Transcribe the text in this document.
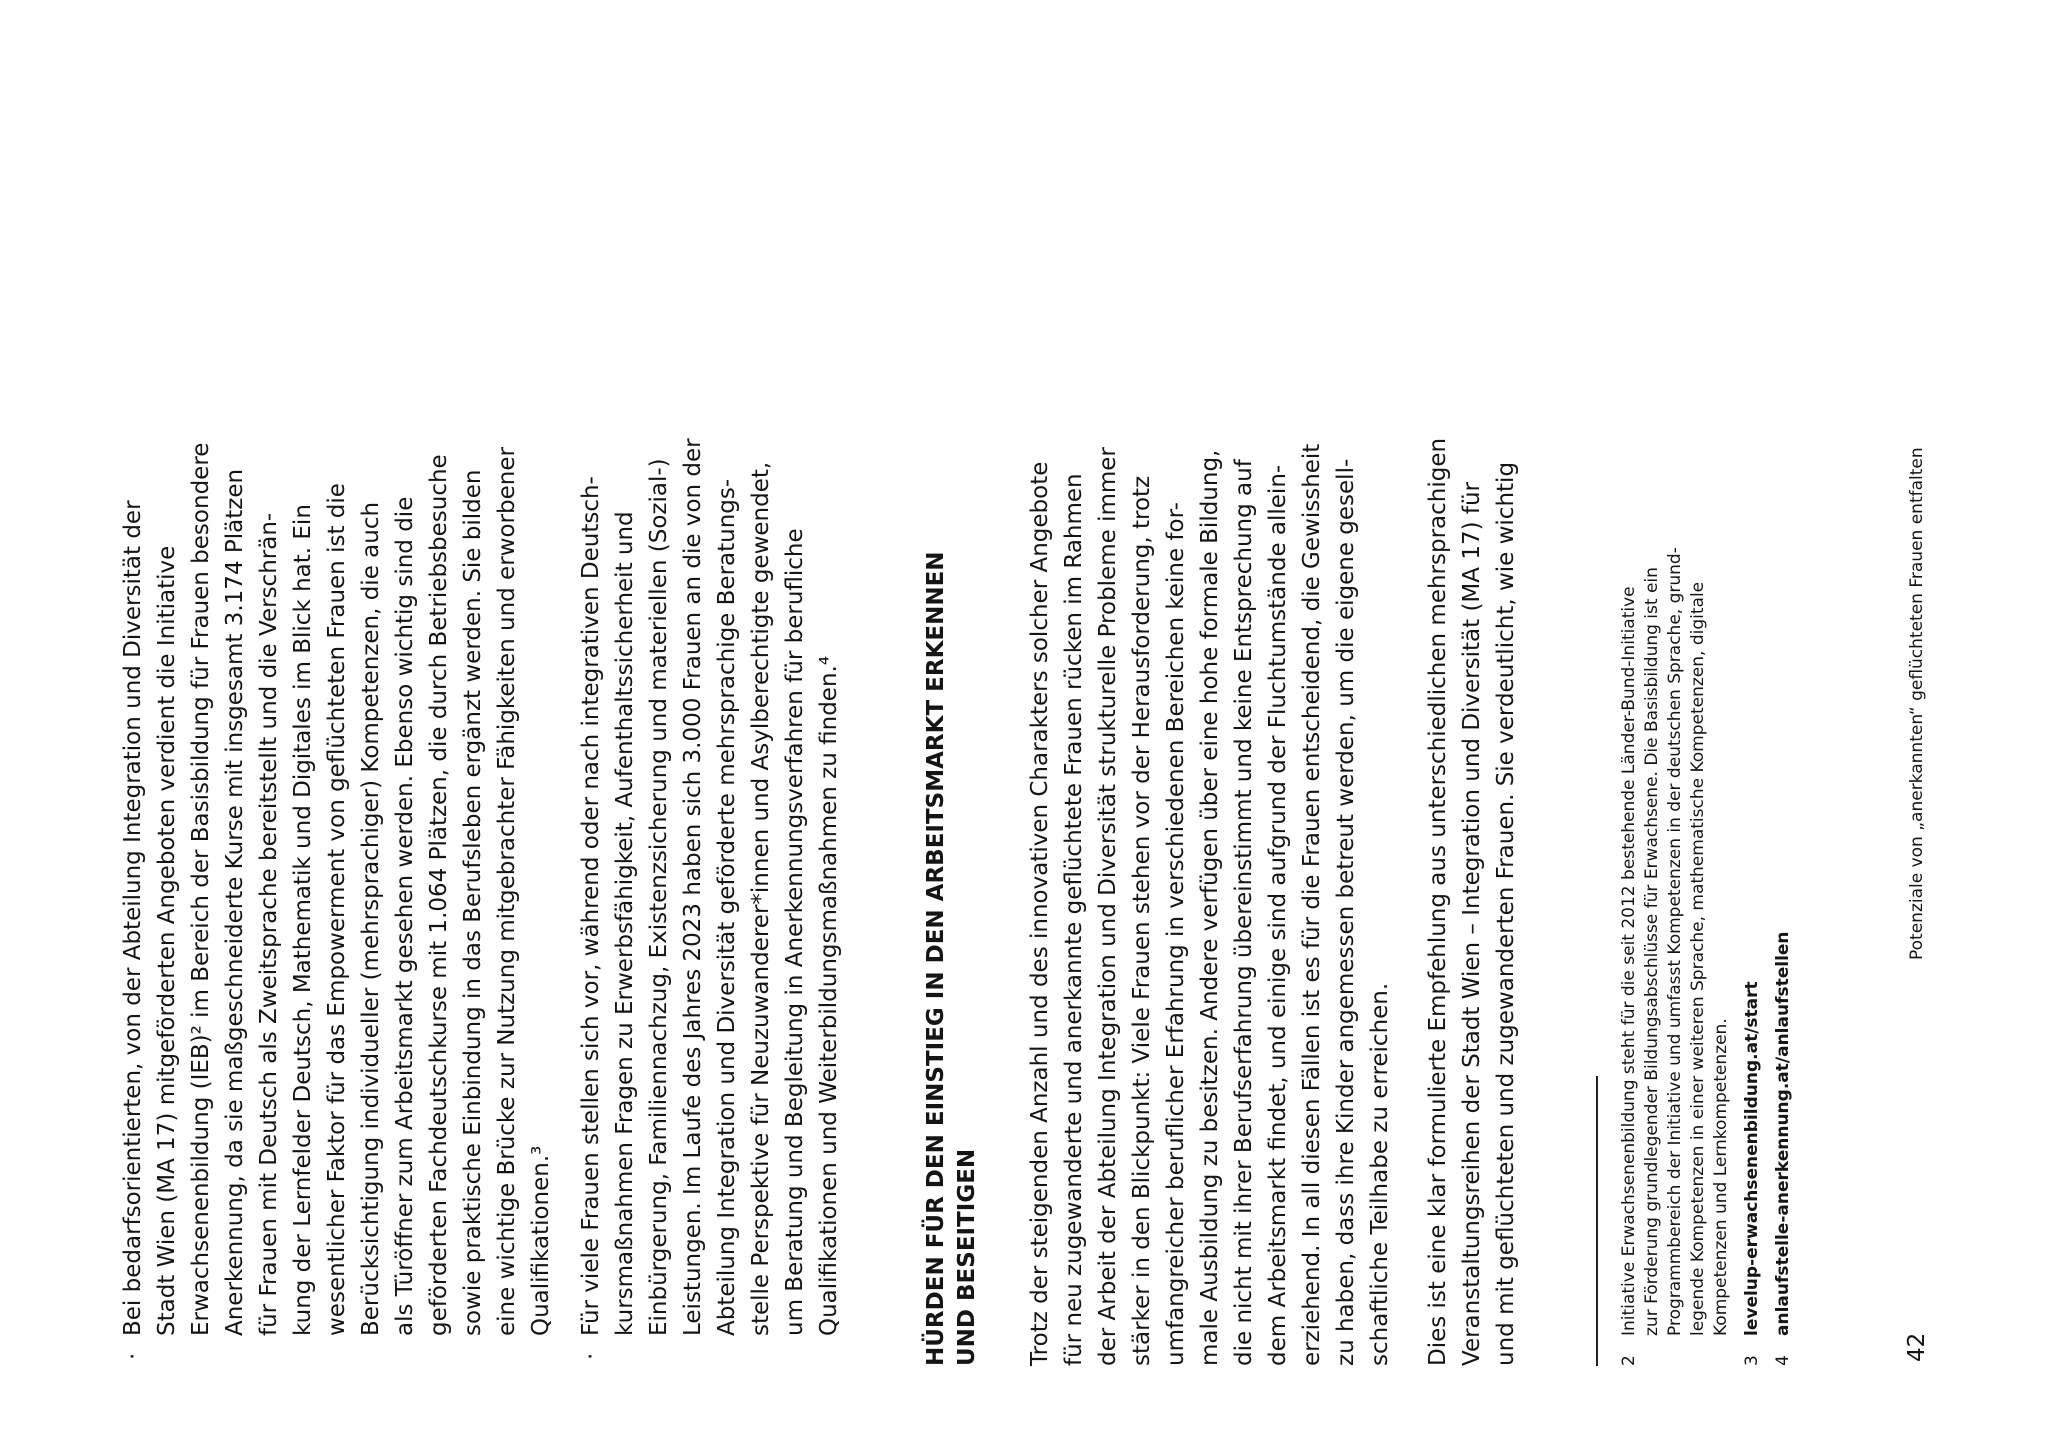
·

Bei bedarfsorientierten, von der Abteilung Integration und Diversität der
Stadt Wien (MA 17) mitgeförderten Angeboten verdient die Initiative
Erwachsenenbildung (IEB)² im Bereich der Basisbildung für Frauen besondere
Anerkennung, da sie maßgeschneiderte Kurse mit insgesamt 3.174 Plätzen
für Frauen mit Deutsch als Zweitsprache bereitstellt und die Verschrän-
kung der Lernfelder Deutsch, Mathematik und Digitales im Blick hat. Ein
wesentlicher Faktor für das Empowerment von geflüchteten Frauen ist die
Berücksichtigung individueller (mehrsprachiger) Kompetenzen, die auch
als Türöffner zum Arbeitsmarkt gesehen werden. Ebenso wichtig sind die
geförderten Fachdeutschkurse mit 1.064 Plätzen, die durch Betriebsbesuche
sowie praktische Einbindung in das Berufsleben ergänzt werden. Sie bilden
eine wichtige Brücke zur Nutzung mitgebrachter Fähigkeiten und erworbener
Qualifikationen.³

·

Für viele Frauen stellen sich vor, während oder nach integrativen Deutsch-
kursmaßnahmen Fragen zu Erwerbsfähigkeit, Aufenthaltssicherheit und
Einbürgerung, Familiennachzug, Existenzsicherung und materiellen (Sozial-)
Leistungen. Im Laufe des Jahres 2023 haben sich 3.000 Frauen an die von der
Abteilung Integration und Diversität geförderte mehrsprachige Beratungs-
stelle Perspektive für Neuzuwanderer*innen und Asylberechtigte gewendet,
um Beratung und Begleitung in Anerkennungsverfahren für berufliche
Qualifikationen und Weiterbildungsmaßnahmen zu finden.⁴

HÜRDEN FÜR DEN EINSTIEG IN DEN ARBEITSMARKT ERKENNEN
UND BESEITIGEN

Trotz der steigenden Anzahl und des innovativen Charakters solcher Angebote
für neu zugewanderte und anerkannte geflüchtete Frauen rücken im Rahmen
der Arbeit der Abteilung Integration und Diversität strukturelle Probleme immer
stärker in den Blickpunkt: Viele Frauen stehen vor der Herausforderung, trotz
umfangreicher beruflicher Erfahrung in verschiedenen Bereichen keine for-
male Ausbildung zu besitzen. Andere verfügen über eine hohe formale Bildung,
die nicht mit ihrer Berufserfahrung übereinstimmt und keine Entsprechung auf
dem Arbeitsmarkt findet, und einige sind aufgrund der Fluchtumstände allein-
erziehend. In all diesen Fällen ist es für die Frauen entscheidend, die Gewissheit
zu haben, dass ihre Kinder angemessen betreut werden, um die eigene gesell-
schaftliche Teilhabe zu erreichen.

Dies ist eine klar formulierte Empfehlung aus unterschiedlichen mehrsprachigen
Veranstaltungsreihen der Stadt Wien – Integration und Diversität (MA 17) für
und mit geflüchteten und zugewanderten Frauen. Sie verdeutlicht, wie wichtig

2
Initiative Erwachsenenbildung steht für die seit 2012 bestehende Länder-Bund-Initiative
zur Förderung grundlegender Bildungsabschlüsse für Erwachsene. Die Basisbildung ist ein
Programmbereich der Initiative und umfasst Kompetenzen in der deutschen Sprache, grund-
legende Kompetenzen in einer weiteren Sprache, mathematische Kompetenzen, digitale
Kompetenzen und Lernkompetenzen.
3
levelup-erwachsenenbildung.at/start
4
anlaufstelle-anerkennung.at/anlaufstellen
42
Potenziale von „anerkannten“ geflüchteten Frauen entfalten
